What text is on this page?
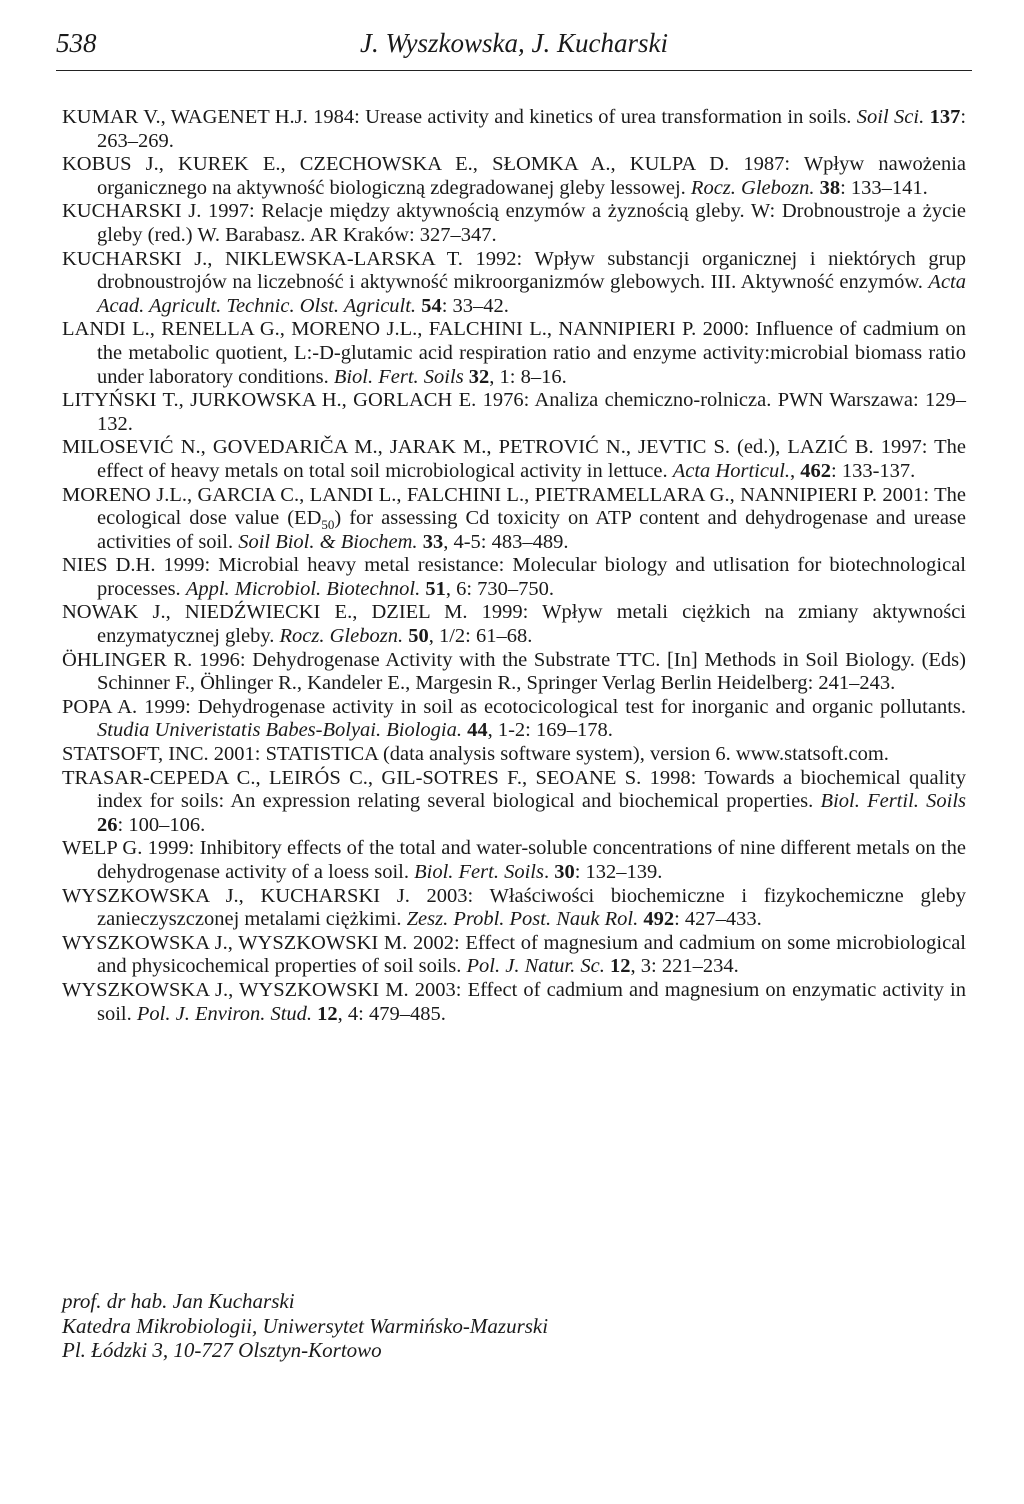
538	J. Wyszkowska, J. Kucharski
KUMAR V., WAGENET H.J. 1984: Urease activity and kinetics of urea transformation in soils. Soil Sci. 137: 263–269.
KOBUS J., KUREK E., CZECHOWSKA E., SŁOMKA A., KULPA D. 1987: Wpływ nawożenia organicznego na aktywność biologiczną zdegradowanej gleby lessowej. Rocz. Glebozn. 38: 133–141.
KUCHARSKI J. 1997: Relacje między aktywnością enzymów a żyznością gleby. W: Drobnoustroje a życie gleby (red.) W. Barabasz. AR Kraków: 327–347.
KUCHARSKI J., NIKLEWSKA-LARSKA T. 1992: Wpływ substancji organicznej i niektórych grup drobnoustrojów na liczebność i aktywność mikroorganizmów glebowych. III. Aktywność enzymów. Acta Acad. Agricult. Technic. Olst. Agricult. 54: 33–42.
LANDI L., RENELLA G., MORENO J.L., FALCHINI L., NANNIPIERI P. 2000: Influence of cadmium on the metabolic quotient, L:-D-glutamic acid respiration ratio and enzyme activity:microbial biomass ratio under laboratory conditions. Biol. Fert. Soils 32, 1: 8–16.
LITYŃSKI T., JURKOWSKA H., GORLACH E. 1976: Analiza chemiczno-rolnicza. PWN Warszawa: 129–132.
MILOSEVIĆ N., GOVEDARIČA M., JARAK M., PETROVIĆ N., JEVTIC S. (ed.), LAZIĆ B. 1997: The effect of heavy metals on total soil microbiological activity in lettuce. Acta Horticul., 462: 133-137.
MORENO J.L., GARCIA C., LANDI L., FALCHINI L., PIETRAMELLARA G., NANNIPIERI P. 2001: The ecological dose value $(ED_{50})$ for assessing Cd toxicity on ATP content and dehydrogenase and urease activities of soil. Soil Biol. & Biochem. 33, 4-5: 483–489.
NIES D.H. 1999: Microbial heavy metal resistance: Molecular biology and utlisation for biotechnological processes. Appl. Microbiol. Biotechnol. 51, 6: 730–750.
NOWAK J., NIEDŹWIECKI E., DZIEL M. 1999: Wpływ metali ciężkich na zmiany aktywności enzymatycznej gleby. Rocz. Glebozn. 50, 1/2: 61–68.
ÖHLINGER R. 1996: Dehydrogenase Activity with the Substrate TTC. [In] Methods in Soil Biology. (Eds) Schinner F., Öhlinger R., Kandeler E., Margesin R., Springer Verlag Berlin Heidelberg: 241–243.
POPA A. 1999: Dehydrogenase activity in soil as ecotocicological test for inorganic and organic pollutants. Studia Univeristatis Babes-Bolyai. Biologia. 44, 1-2: 169–178.
STATSOFT, INC. 2001: STATISTICA (data analysis software system), version 6. www.statsoft.com.
TRASAR-CEPEDA C., LEIRÓS C., GIL-SOTRES F., SEOANE S. 1998: Towards a biochemical quality index for soils: An expression relating several biological and biochemical properties. Biol. Fertil. Soils 26: 100–106.
WELP G. 1999: Inhibitory effects of the total and water-soluble concentrations of nine different metals on the dehydrogenase activity of a loess soil. Biol. Fert. Soils. 30: 132–139.
WYSZKOWSKA J., KUCHARSKI J. 2003: Właściwości biochemiczne i fizykochemiczne gleby zanieczyszczonej metalami ciężkimi. Zesz. Probl. Post. Nauk Rol. 492: 427–433.
WYSZKOWSKA J., WYSZKOWSKI M. 2002: Effect of magnesium and cadmium on some microbiological and physicochemical properties of soil soils. Pol. J. Natur. Sc. 12, 3: 221–234.
WYSZKOWSKA J., WYSZKOWSKI M. 2003: Effect of cadmium and magnesium on enzymatic activity in soil. Pol. J. Environ. Stud. 12, 4: 479–485.
prof. dr hab. Jan Kucharski
Katedra Mikrobiologii, Uniwersytet Warmińsko-Mazurski
Pl. Łódzki 3, 10-727 Olsztyn-Kortowo
